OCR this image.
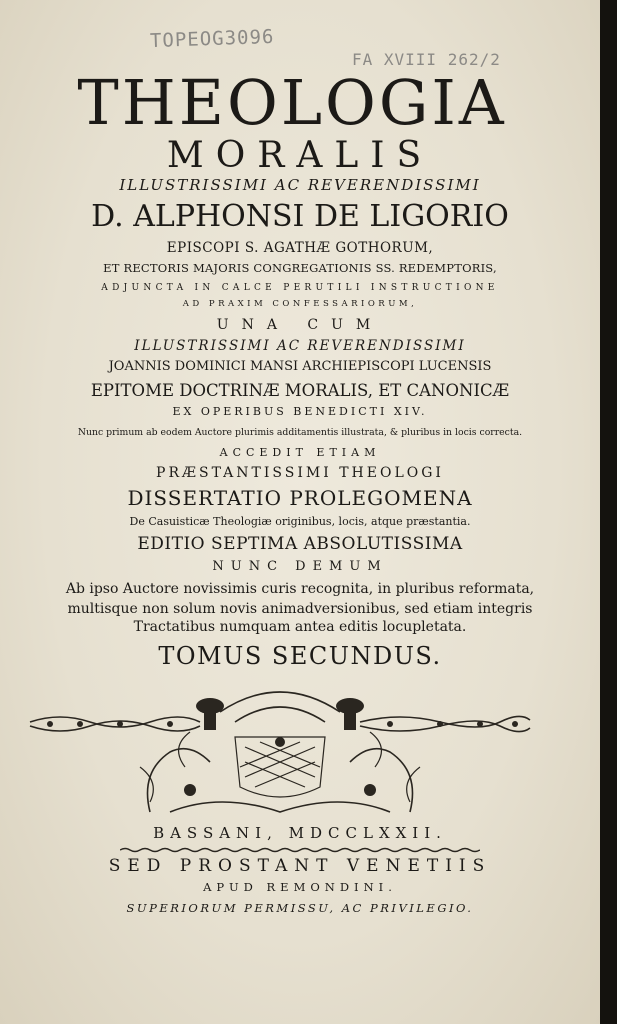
TOPEOG3096
FA XVIII 262/2
THEOLOGIA
MORALIS
ILLUSTRISSIMI AC REVERENDISSIMI
D. ALPHONSI DE LIGORIO
EPISCOPI S. AGATHÆ GOTHORUM,
ET RECTORIS MAJORIS CONGREGATIONIS SS. REDEMPTORIS,
ADJUNCTA IN CALCE PERUTILI INSTRUCTIONE
AD PRAXIM CONFESSARIORUM,
UNA CUM
ILLUSTRISSIMI AC REVERENDISSIMI
JOANNIS DOMINICI MANSI ARCHIEPISCOPI LUCENSIS
EPITOME DOCTRINÆ MORALIS, ET CANONICÆ
EX OPERIBUS BENEDICTI XIV.
Nunc primum ab eodem Auctore plurimis additamentis illustrata, & pluribus in locis correcta.
ACCEDIT ETIAM
PRÆSTANTISSIMI THEOLOGI
DISSERTATIO PROLEGOMENA
De Casuisticæ Theologiæ originibus, locis, atque præstantia.
EDITIO SEPTIMA ABSOLUTISSIMA
NUNC DEMUM
Ab ipso Auctore novissimis curis recognita, in pluribus reformata,
multisque non solum novis animadversionibus, sed etiam integris
Tractatibus numquam antea editis locupletata.
TOMUS SECUNDUS.
BASSANI, MDCCLXXII.
SED PROSTANT VENETIIS
APUD REMONDINI.
SUPERIORUM PERMISSU, AC PRIVILEGIO.
